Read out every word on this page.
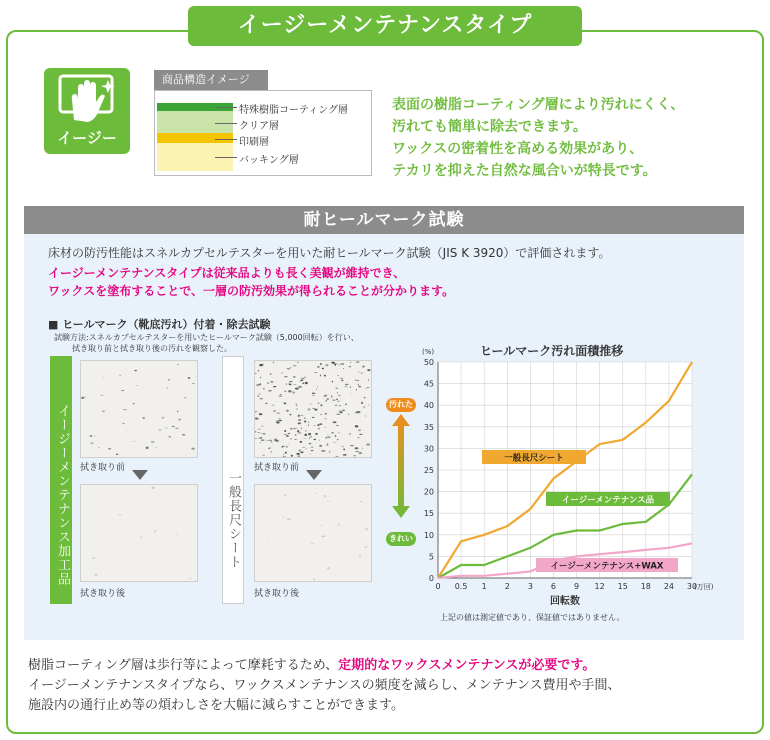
イージーメンテナンスタイプ
イージー
商品構造イメージ
特殊樹脂コーティング層
クリア層
印刷層
バッキング層
表面の樹脂コーティング層により汚れにくく、
汚れても簡単に除去できます。
ワックスの密着性を高める効果があり、
テカリを抑えた自然な風合いが特長です。
耐ヒールマーク試験
床材の防汚性能はスネルカプセルテスターを用いた耐ヒールマーク試験（JIS K 3920）で評価されます。
イージーメンテナンスタイプは従来品よりも長く美観が維持でき、
ワックスを塗布することで、一層の防汚効果が得られることが分かります。
■ ヒールマーク（靴底汚れ）付着・除去試験
試験方法:スネルカプセルテスターを用いたヒールマーク試験（5,000回転）を行い、
拭き取り前と拭き取り後の汚れを観察した。
イージーメンテナンス加工品	一般長尺シート
拭き取り前
拭き取り後
拭き取り前
拭き取り後
汚れた
きれい
ヒールマーク汚れ面積推移
0
5
10
15
20
25
30
35
40
45
50
0 0.5 1 2 3 6 9 12 15 18 24 30
(%)
(万回)
回転数
一般長尺シート
イージーメンテナンス品
イージーメンテナンス+WAX
上記の値は測定値であり、保証値ではありません。
樹脂コーティング層は歩行等によって摩耗するため、定期的なワックスメンテナンスが必要です。
イージーメンテナンスタイプなら、ワックスメンテナンスの頻度を減らし、メンテナンス費用や手間、
施設内の通行止め等の煩わしさを大幅に減らすことができます。
